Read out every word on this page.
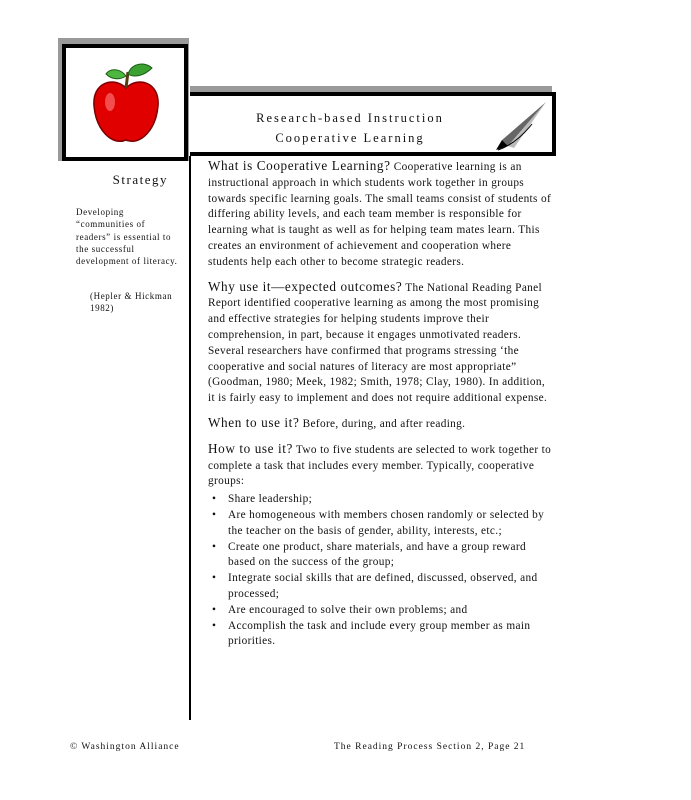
Research-based Instruction
Cooperative Learning
Strategy
Developing “communities of readers” is essential to the successful development of literacy.
(Hepler & Hickman 1982)

What is Cooperative Learning? Cooperative learning is an instructional approach in which students work together in groups towards specific learning goals. The small teams consist of students of differing ability levels, and each team member is responsible for learning what is taught as well as for helping team mates learn. This creates an environment of achievement and cooperation where students help each other to become strategic readers.

Why use it—expected outcomes? The National Reading Panel Report identified cooperative learning as among the most promising and effective strategies for helping students improve their comprehension, in part, because it engages unmotivated readers. Several researchers have confirmed that programs stressing ‘the cooperative and social natures of literacy are most appropriate” (Goodman, 1980; Meek, 1982; Smith, 1978; Clay, 1980). In addition, it is fairly easy to implement and does not require additional expense.

When to use it? Before, during, and after reading.

How to use it? Two to five students are selected to work together to complete a task that includes every member. Typically, cooperative groups:

• Share leadership;
• Are homogeneous with members chosen randomly or selected by the teacher on the basis of gender, ability, interests, etc.;
• Create one product, share materials, and have a group reward based on the success of the group;
• Integrate social skills that are defined, discussed, observed, and processed;
• Are encouraged to solve their own problems; and
• Accomplish the task and include every group member as main priorities.
© Washington Alliance	The Reading Process Section 2, Page 21
